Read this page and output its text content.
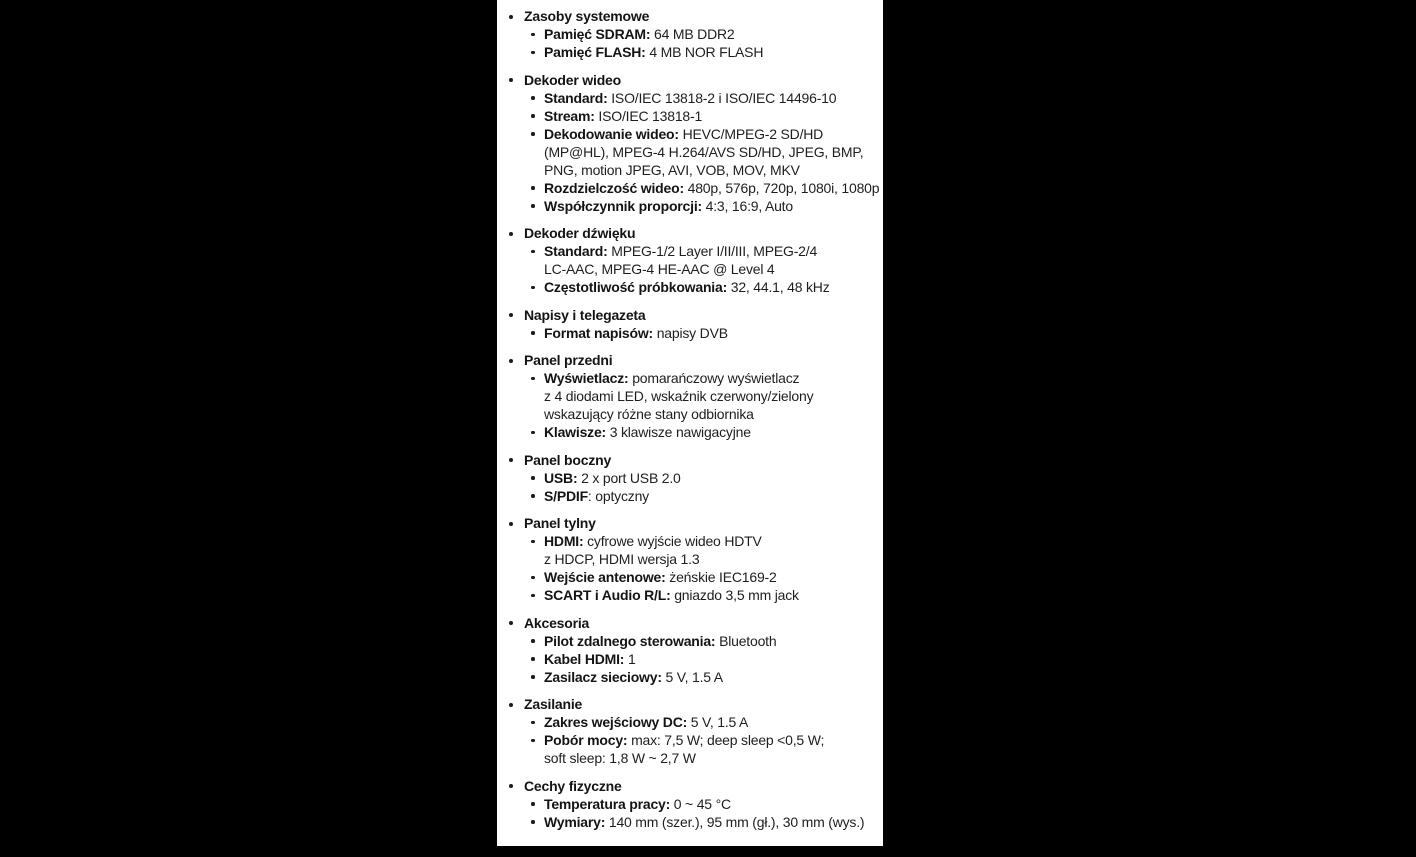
Zasoby systemowe
Pamięć SDRAM: 64 MB DDR2
Pamięć FLASH: 4 MB NOR FLASH
Dekoder wideo
Standard: ISO/IEC 13818-2 i ISO/IEC 14496-10
Stream: ISO/IEC 13818-1
Dekodowanie wideo: HEVC/MPEG-2 SD/HD
(MP@HL), MPEG-4 H.264/AVS SD/HD, JPEG, BMP,
PNG, motion JPEG, AVI, VOB, MOV, MKV
Rozdzielczość wideo: 480p, 576p, 720p, 1080i, 1080p
Współczynnik proporcji: 4:3, 16:9, Auto
Dekoder dźwięku
Standard: MPEG-1/2 Layer I/II/III, MPEG-2/4
LC-AAC, MPEG-4 HE-AAC @ Level 4
Częstotliwość próbkowania: 32, 44.1, 48 kHz
Napisy i telegazeta
Format napisów: napisy DVB
Panel przedni
Wyświetlacz: pomarańczowy wyświetlacz
z 4 diodami LED, wskaźnik czerwony/zielony
wskazujący różne stany odbiornika
Klawisze: 3 klawisze nawigacyjne
Panel boczny
USB: 2 x port USB 2.0
S/PDIF: optyczny
Panel tylny
HDMI: cyfrowe wyjście wideo HDTV
z HDCP, HDMI wersja 1.3
Wejście antenowe: żeńskie IEC169-2
SCART i Audio R/L: gniazdo 3,5 mm jack
Akcesoria
Pilot zdalnego sterowania: Bluetooth
Kabel HDMI: 1
Zasilacz sieciowy: 5 V, 1.5 A
Zasilanie
Zakres wejściowy DC: 5 V, 1.5 A
Pobór mocy: max: 7,5 W; deep sleep <0,5 W;
soft sleep: 1,8 W ~ 2,7 W
Cechy fizyczne
Temperatura pracy: 0 ~ 45 °C
Wymiary: 140 mm (szer.), 95 mm (gł.), 30 mm (wys.)
